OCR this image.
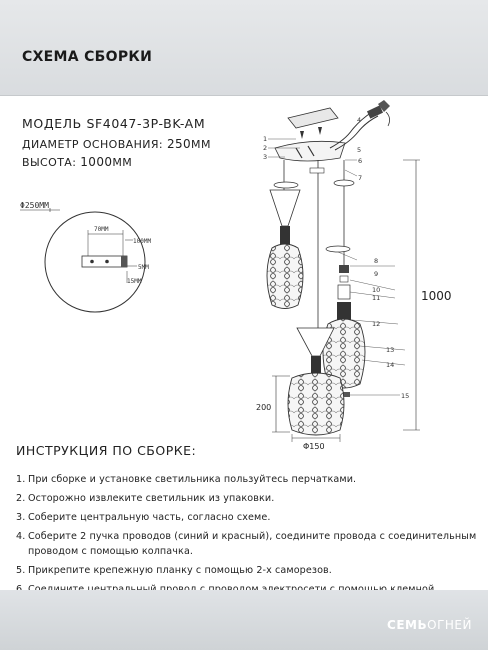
СХЕМА СБОРКИ
МОДЕЛЬ SF4047-3P-BK-AM
ДИАМЕТР ОСНОВАНИЯ: 250ММ
ВЫСОТА: 1000ММ
Φ250ММ
70ММ
100ММ
5ММ
15ММ
1000
200
Φ150
1
2
3
4
5
6
7
8
9
10
11
12
13
14
15
ИНСТРУКЦИЯ ПО СБОРКЕ:
1. При сборке и установке светильника пользуйтесь перчатками.
2. Осторожно извлеките светильник из упаковки.
3. Соберите центральную часть, согласно схеме.
4. Соберите 2 пучка проводов (синий и красный), соедините провода с соединительным
проводом с помощью колпачка.
5. Прикрепите крепежную планку с помощью 2-х саморезов.
СЕМЬОГНЕЙ
